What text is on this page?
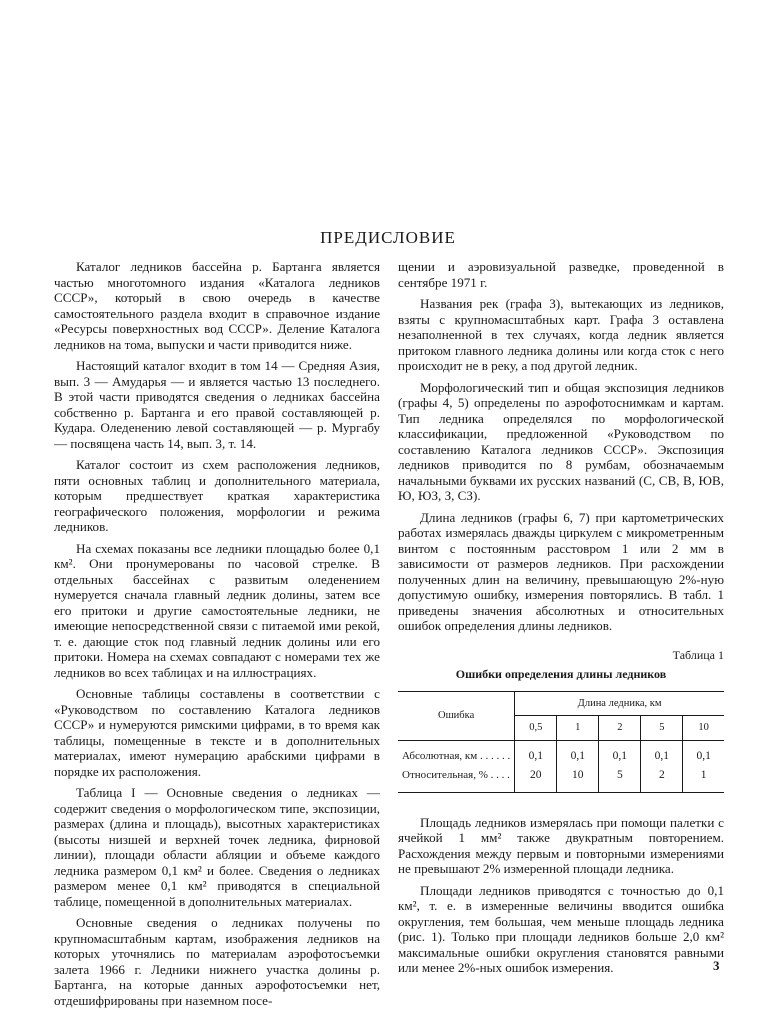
ПРЕДИСЛОВИЕ

Каталог ледников бассейна р. Бартанга является частью многотомного издания «Каталога ледников СССР», который в свою очередь в качестве самостоятельного раздела входит в справочное издание «Ресурсы поверхностных вод СССР». Деление Каталога ледников на тома, выпуски и части приводится ниже.

Настоящий каталог входит в том 14 — Средняя Азия, вып. 3 — Амударья — и является частью 13 последнего. В этой части приводятся сведения о ледниках бассейна собственно р. Бартанга и его правой составляющей р. Кудара. Оледенению левой составляющей — р. Мургабу — посвящена часть 14, вып. 3, т. 14.

Каталог состоит из схем расположения ледников, пяти основных таблиц и дополнительного материала, которым предшествует краткая характеристика географического положения, морфологии и режима ледников.

На схемах показаны все ледники площадью более 0,1 км². Они пронумерованы по часовой стрелке. В отдельных бассейнах с развитым оледенением нумеруется сначала главный ледник долины, затем все его притоки и другие самостоятельные ледники, не имеющие непосредственной связи с питаемой ими рекой, т. е. дающие сток под главный ледник долины или его притоки. Номера на схемах совпадают с номерами тех же ледников во всех таблицах и на иллюстрациях.

Основные таблицы составлены в соответствии с «Руководством по составлению Каталога ледников СССР» и нумеруются римскими цифрами, в то время как таблицы, помещенные в тексте и в дополнительных материалах, имеют нумерацию арабскими цифрами в порядке их расположения.

Таблица I — Основные сведения о ледниках — содержит сведения о морфологическом типе, экспозиции, размерах (длина и площадь), высотных характеристиках (высоты низшей и верхней точек ледника, фирновой линии), площади области абляции и объеме каждого ледника размером 0,1 км² и более. Сведения о ледниках размером менее 0,1 км² приводятся в специальной таблице, помещенной в дополнительных материалах.

Основные сведения о ледниках получены по крупномасштабным картам, изображения ледников на которых уточнялись по материалам аэрофотосъемки залета 1966 г. Ледники нижнего участка долины р. Бартанга, на которые данных аэрофотосъемки нет, отдешифрированы при наземном посе-

щении и аэровизуальной разведке, проведенной в сентябре 1971 г.

Названия рек (графа 3), вытекающих из ледников, взяты с крупномасштабных карт. Графа 3 оставлена незаполненной в тех случаях, когда ледник является притоком главного ледника долины или когда сток с него происходит не в реку, а под другой ледник.

Морфологический тип и общая экспозиция ледников (графы 4, 5) определены по аэрофотоснимкам и картам. Тип ледника определялся по морфологической классификации, предложенной «Руководством по составлению Каталога ледников СССР». Экспозиция ледников приводится по 8 румбам, обозначаемым начальными буквами их русских названий (С, СВ, В, ЮВ, Ю, ЮЗ, З, СЗ).

Длина ледников (графы 6, 7) при картометрических работах измерялась дважды циркулем с микрометренным винтом с постоянным расстовром 1 или 2 мм в зависимости от размеров ледников. При расхождении полученных длин на величину, превышающую 2%-ную допустимую ошибку, измерения повторялись. В табл. 1 приведены значения абсолютных и относительных ошибок определения длины ледников.

Таблица 1
Ошибки определения длины ледников
Ошибка	Длина ледника, км				
	0,5	1	2	5	10
Абсолютная, км . . . . . .	0,1	0,1	0,1	0,1	0,1
Относительная, % . . . .	20	10	5	2	1

Площадь ледников измерялась при помощи палетки с ячейкой 1 мм² также двукратным повторением. Расхождения между первым и повторными измерениями не превышают 2% измеренной площади ледника.

Площади ледников приводятся с точностью до 0,1 км², т. е. в измеренные величины вводится ошибка округления, тем большая, чем меньше площадь ледника (рис. 1). Только при площади ледников больше 2,0 км² максимальные ошибки округления становятся равными или менее 2%-ных ошибок измерения.	3
